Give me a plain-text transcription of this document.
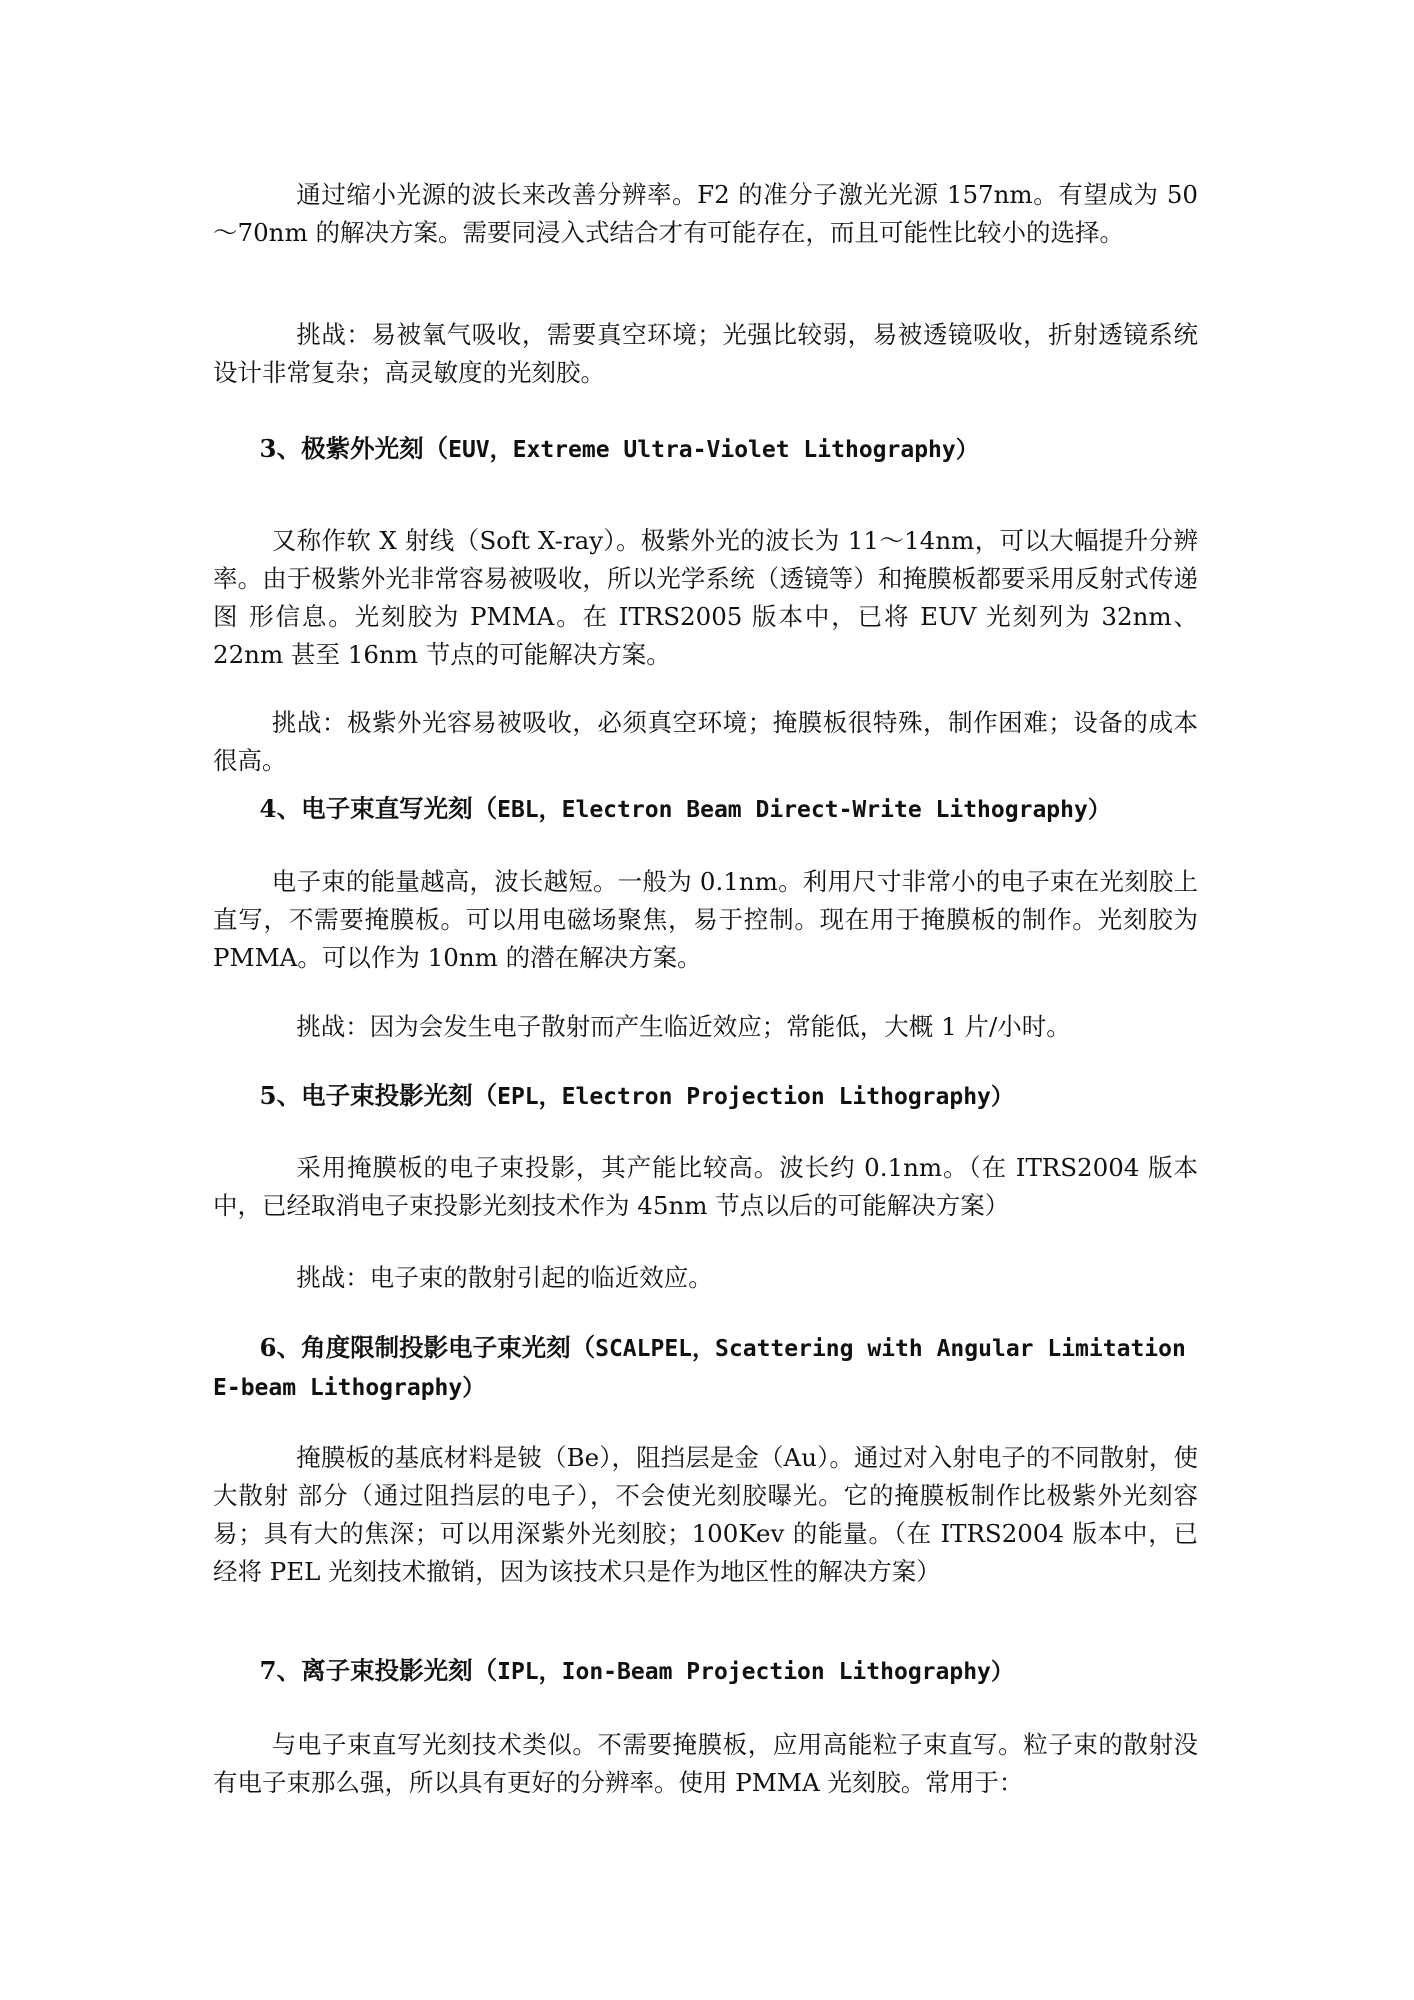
通过缩小光源的波长来改善分辨率。F2 的准分子激光光源 157nm。有望成为 50～70nm 的解决方案。需要同浸入式结合才有可能存在，而且可能性比较小的选择。

挑战：易被氧气吸收，需要真空环境；光强比较弱，易被透镜吸收，折射透镜系统设计非常复杂；高灵敏度的光刻胶。

3、极紫外光刻（EUV，Extreme Ultra-Violet Lithography）

又称作软 X 射线（Soft X-ray）。极紫外光的波长为 11～14nm，可以大幅提升分辨率。由于极紫外光非常容易被吸收，所以光学系统（透镜等）和掩膜板都要采用反射式传递图 形信息。光刻胶为 PMMA。在 ITRS2005 版本中，已将 EUV 光刻列为 32nm、 22nm 甚至 16nm 节点的可能解决方案。

挑战：极紫外光容易被吸收，必须真空环境；掩膜板很特殊，制作困难；设备的成本很高。

4、电子束直写光刻（EBL，Electron Beam Direct-Write Lithography）

电子束的能量越高，波长越短。一般为 0.1nm。利用尺寸非常小的电子束在光刻胶上直写，不需要掩膜板。可以用电磁场聚焦，易于控制。现在用于掩膜板的制作。光刻胶为 PMMA。可以作为 10nm 的潜在解决方案。

挑战：因为会发生电子散射而产生临近效应；常能低，大概 1 片/小时。

5、电子束投影光刻（EPL，Electron Projection Lithography）

采用掩膜板的电子束投影，其产能比较高。波长约 0.1nm。（在 ITRS2004 版本中，已经取消电子束投影光刻技术作为 45nm 节点以后的可能解决方案）

挑战：电子束的散射引起的临近效应。

6、角度限制投影电子束光刻（SCALPEL，Scattering with Angular Limitation E-beam Lithography）

掩膜板的基底材料是铍（Be），阻挡层是金（Au）。通过对入射电子的不同散射，使大散射 部分（通过阻挡层的电子），不会使光刻胶曝光。它的掩膜板制作比极紫外光刻容易；具有大的焦深；可以用深紫外光刻胶；100Kev 的能量。（在 ITRS2004 版本中，已经将 PEL 光刻技术撤销，因为该技术只是作为地区性的解决方案）

7、离子束投影光刻（IPL，Ion-Beam Projection Lithography）

与电子束直写光刻技术类似。不需要掩膜板，应用高能粒子束直写。粒子束的散射没有电子束那么强，所以具有更好的分辨率。使用 PMMA 光刻胶。常用于：
